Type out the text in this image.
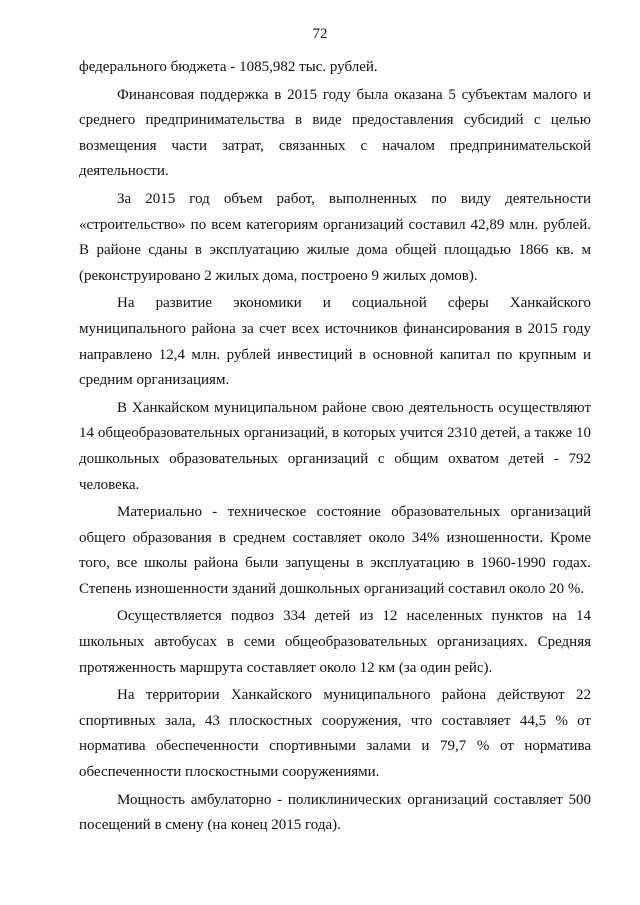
72

федерального бюджета - 1085,982 тыс. рублей.

Финансовая поддержка в 2015 году была оказана 5 субъектам малого и среднего предпринимательства в виде предоставления субсидий с целью возмещения части затрат, связанных с началом предпринимательской деятельности.

За 2015 год объем работ, выполненных по виду деятельности «строительство» по всем категориям организаций составил 42,89 млн. рублей. В районе сданы в эксплуатацию жилые дома общей площадью 1866 кв. м (реконструировано 2 жилых дома, построено 9 жилых домов).

На развитие экономики и социальной сферы Ханкайского муниципального района за счет всех источников финансирования в 2015 году направлено 12,4 млн. рублей инвестиций в основной капитал по крупным и средним организациям.

В Ханкайском муниципальном районе свою деятельность осуществляют 14 общеобразовательных организаций, в которых учится 2310 детей, а также 10 дошкольных образовательных организаций с общим охватом детей - 792 человека.

Материально - техническое состояние образовательных организаций общего образования в среднем составляет около 34% изношенности. Кроме того, все школы района были запущены в эксплуатацию в 1960-1990 годах. Степень изношенности зданий дошкольных организаций составил около 20 %.

Осуществляется подвоз 334 детей из 12 населенных пунктов на 14 школьных автобусах в семи общеобразовательных организациях. Средняя протяженность маршрута составляет около 12 км (за один рейс).

На территории Ханкайского муниципального района действуют 22 спортивных зала, 43 плоскостных сооружения, что составляет 44,5 % от норматива обеспеченности спортивными залами и 79,7 % от норматива обеспеченности плоскостными сооружениями.

Мощность амбулаторно - поликлинических организаций составляет 500 посещений в смену (на конец 2015 года).
